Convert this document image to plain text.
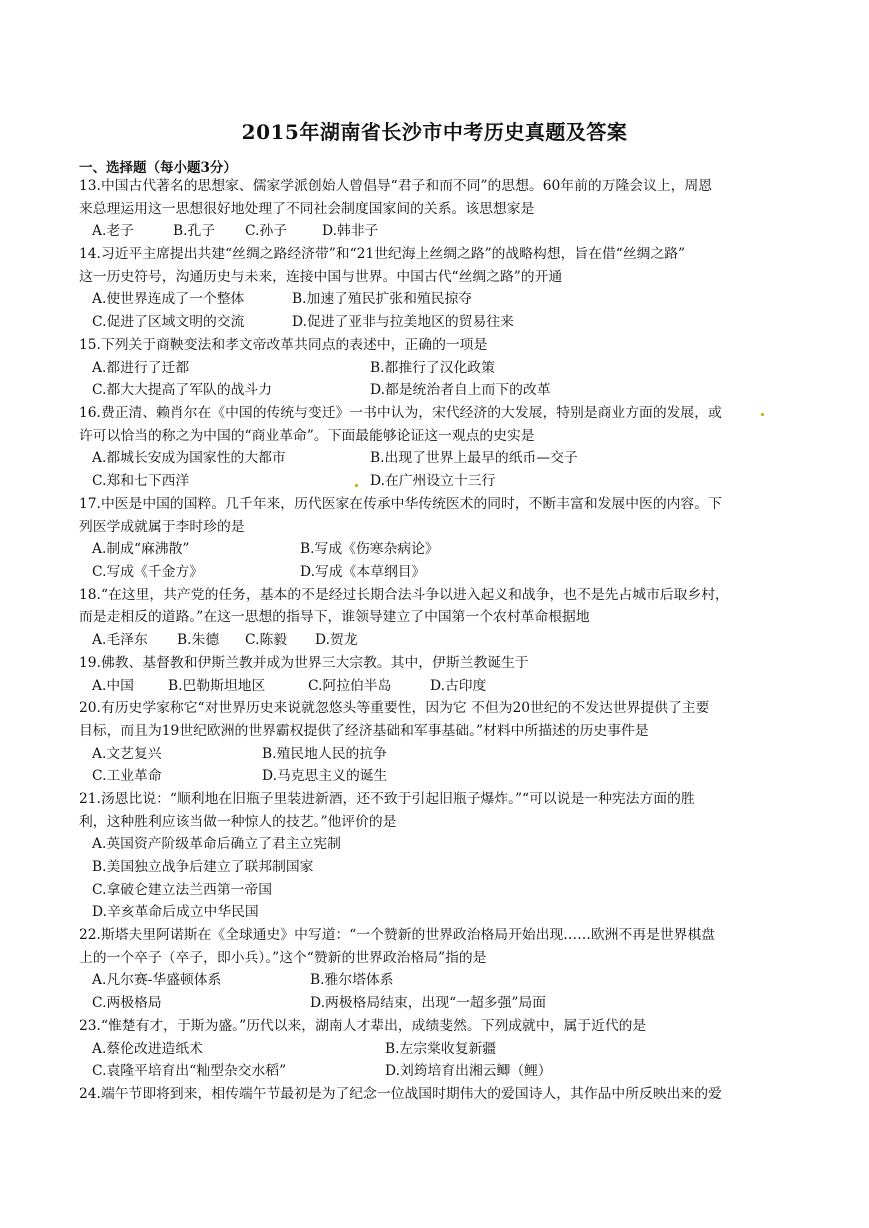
2015年湖南省长沙市中考历史真题及答案
一、选择题（每小题3分）
13.中国古代著名的思想家、儒家学派创始人曾倡导“君子和而不同”的思想。60年前的万隆会议上，周恩
来总理运用这一思想很好地处理了不同社会制度国家间的关系。该思想家是
A.老子	B.孔子 C.孙子	D.韩非子
14.习近平主席提出共建“丝绸之路经济带”和“21世纪海上丝绸之路”的战略构想，旨在借“丝绸之路”
这一历史符号，沟通历史与未来，连接中国与世界。中国古代“丝绸之路”的开通
A.使世界连成了一个整体	B.加速了殖民扩张和殖民掠夺
C.促进了区域文明的交流	D.促进了亚非与拉美地区的贸易往来
15.下列关于商鞅变法和孝文帝改革共同点的表述中，正确的一项是
A.都进行了迁都	B.都推行了汉化政策
C.都大大提高了军队的战斗力	D.都是统治者自上而下的改革
16.费正清、赖肖尔在《中国的传统与变迁》一书中认为，宋代经济的大发展，特别是商业方面的发展，或
许可以恰当的称之为中国的“商业革命”。下面最能够论证这一观点的史实是
A.都城长安成为国家性的大都市	B.出现了世界上最早的纸币—交子
C.郑和七下西洋	D.在广州设立十三行
17.中医是中国的国粹。几千年来，历代医家在传承中华传统医术的同时，不断丰富和发展中医的内容。下
列医学成就属于李时珍的是
A.制成“麻沸散”	B.写成《伤寒杂病论》
C.写成《千金方》	D.写成《本草纲目》
18.“在这里，共产党的任务，基本的不是经过长期合法斗争以进入起义和战争，也不是先占城市后取乡村，
而是走相反的道路。”在这一思想的指导下，谁领导建立了中国第一个农村革命根据地
A.毛泽东 B.朱德 C.陈毅 D.贺龙
19.佛教、基督教和伊斯兰教并成为世界三大宗教。其中，伊斯兰教诞生于
A.中国 B.巴勒斯坦地区	C.阿拉伯半岛	D.古印度
20.有历史学家称它“对世界历史来说就忽悠头等重要性，因为它 不但为20世纪的不发达世界提供了主要
目标，而且为19世纪欧洲的世界霸权提供了经济基础和军事基础。”材料中所描述的历史事件是
A.文艺复兴	B.殖民地人民的抗争
C.工业革命	D.马克思主义的诞生
21.汤恩比说：“顺利地在旧瓶子里装进新酒，还不致于引起旧瓶子爆炸。”“可以说是一种宪法方面的胜
利，这种胜利应该当做一种惊人的技艺。”他评价的是
A.英国资产阶级革命后确立了君主立宪制
B.美国独立战争后建立了联邦制国家
C.拿破仑建立法兰西第一帝国
D.辛亥革命后成立中华民国
22.斯塔夫里阿诺斯在《全球通史》中写道：“一个赞新的世界政治格局开始出现……欧洲不再是世界棋盘
上的一个卒子（卒子，即小兵）。”这个“赞新的世界政治格局”指的是
A.凡尔赛-华盛顿体系	B.雅尔塔体系
C.两极格局	D.两极格局结束，出现“一超多强”局面
23.“惟楚有才，于斯为盛。”历代以来，湖南人才辈出，成绩斐然。下列成就中，属于近代的是
A.蔡伦改进造纸术	B.左宗棠收复新疆
C.袁隆平培育出“籼型杂交水稻”	D.刘筠培育出湘云鲫（鲤）
24.端午节即将到来，相传端午节最初是为了纪念一位战国时期伟大的爱国诗人，其作品中所反映出来的爱
